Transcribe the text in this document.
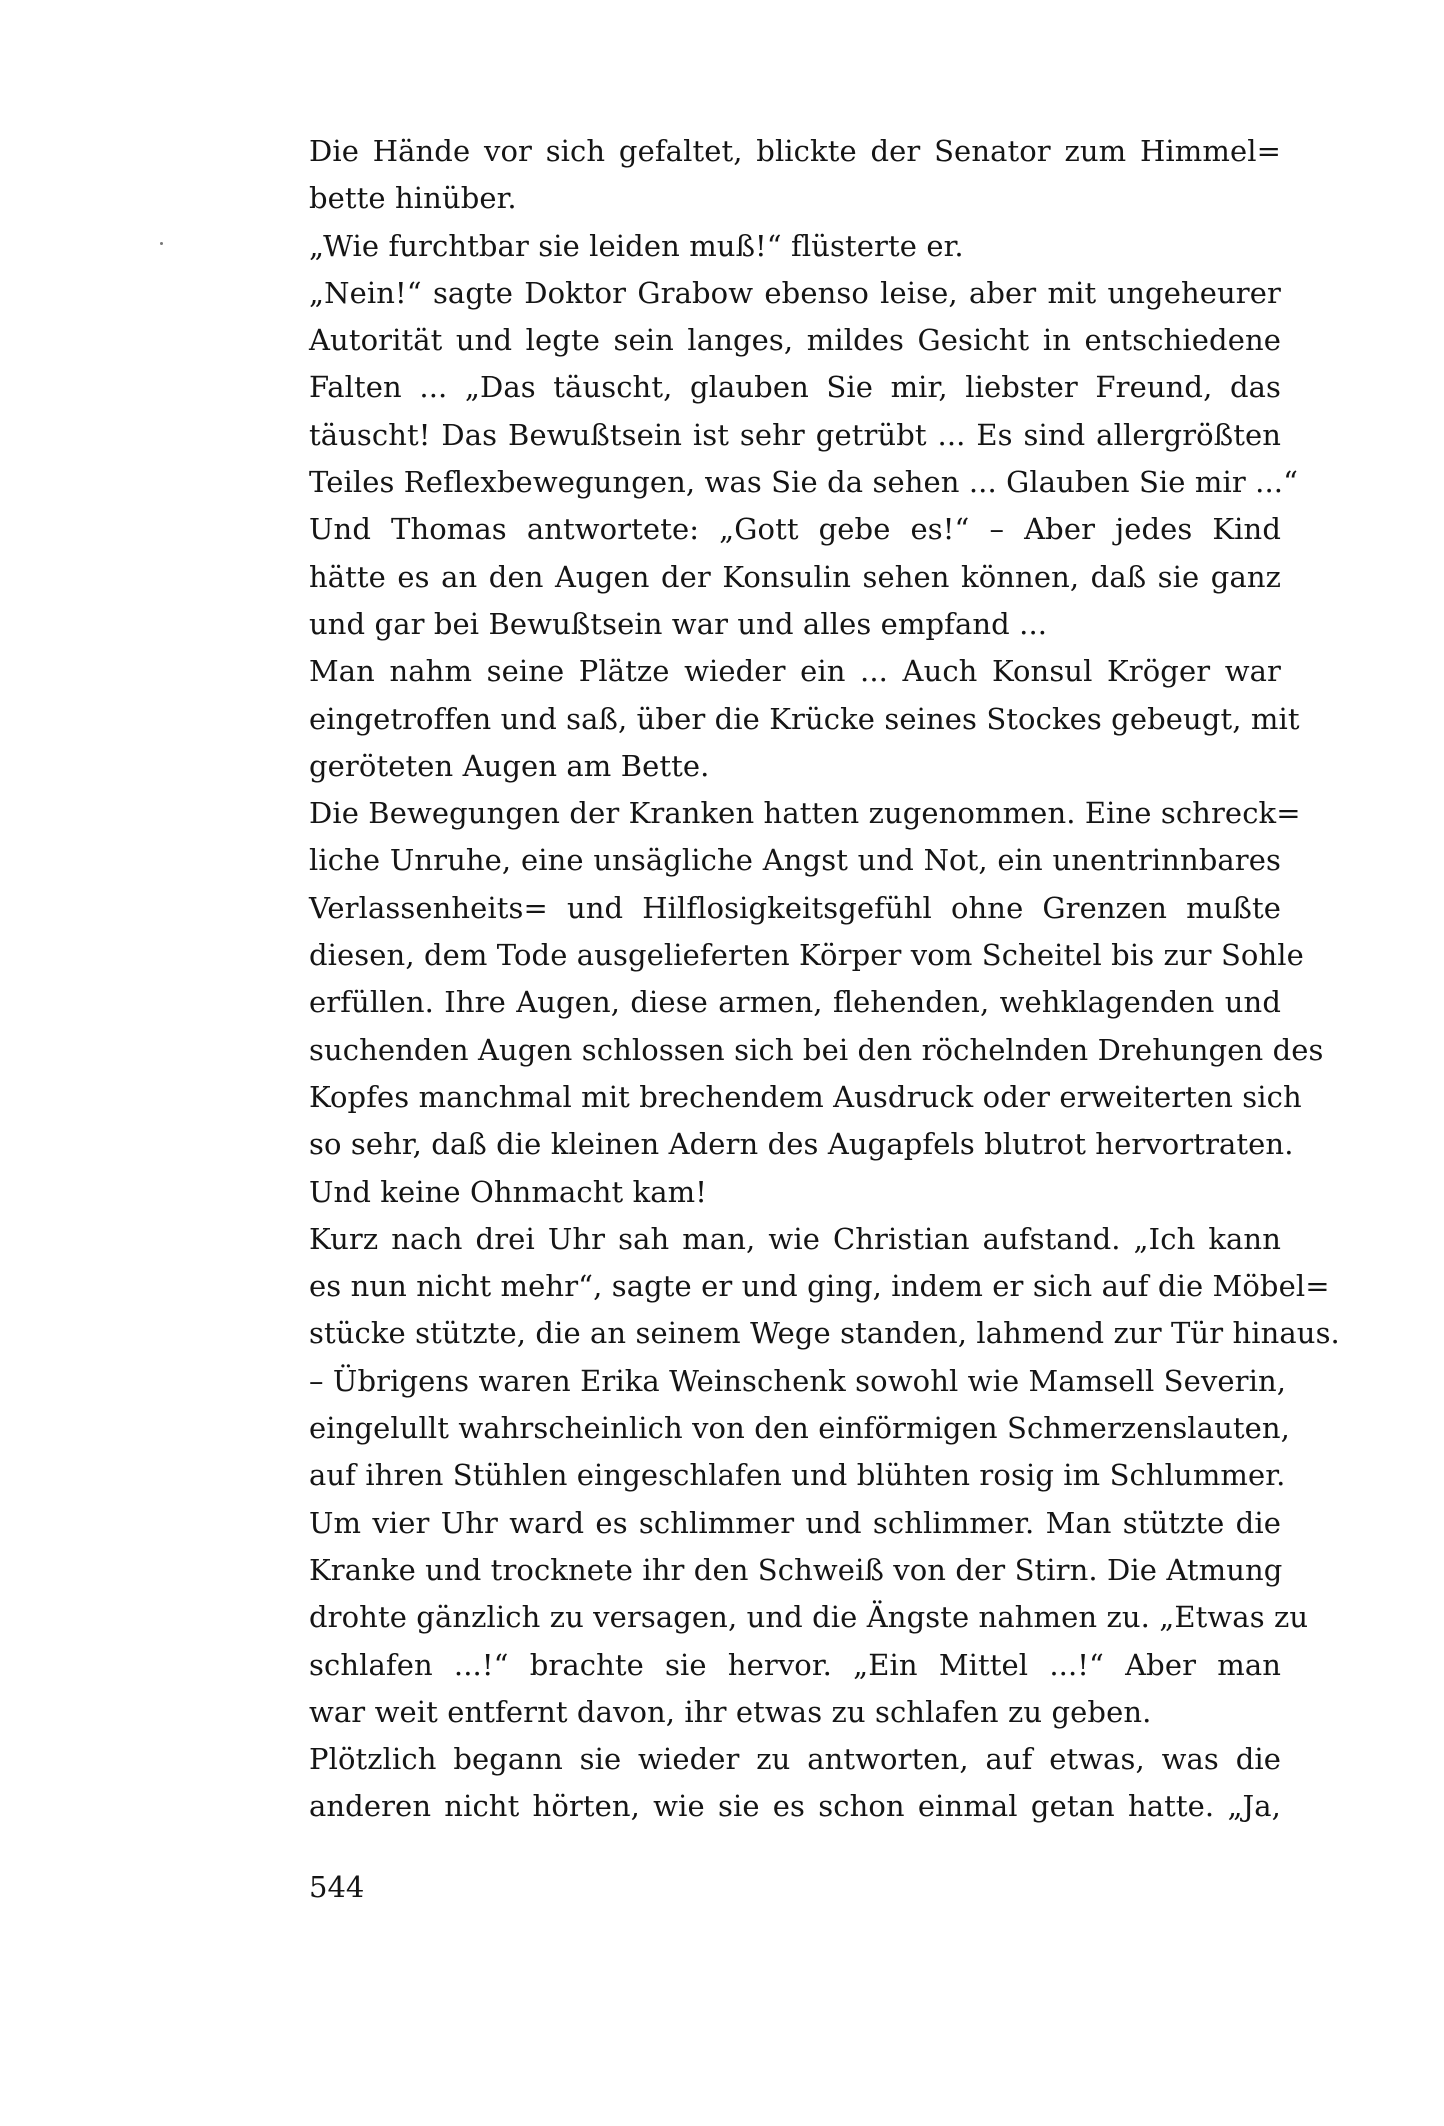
Die Hände vor sich gefaltet, blickte der Senator zum Himmel=
bette hinüber.
„Wie furchtbar sie leiden muß!“ flüsterte er.
„Nein!“ sagte Doktor Grabow ebenso leise, aber mit ungeheurer
Autorität und legte sein langes, mildes Gesicht in entschiedene
Falten ... „Das täuscht, glauben Sie mir, liebster Freund, das
täuscht! Das Bewußtsein ist sehr getrübt ... Es sind allergrößten
Teiles Reflexbewegungen, was Sie da sehen ... Glauben Sie mir ...“
Und Thomas antwortete: „Gott gebe es!“ – Aber jedes Kind
hätte es an den Augen der Konsulin sehen können, daß sie ganz
und gar bei Bewußtsein war und alles empfand ...
Man nahm seine Plätze wieder ein ... Auch Konsul Kröger war
eingetroffen und saß, über die Krücke seines Stockes gebeugt, mit
geröteten Augen am Bette.
Die Bewegungen der Kranken hatten zugenommen. Eine schreck=
liche Unruhe, eine unsägliche Angst und Not, ein unentrinnbares
Verlassenheits= und Hilflosigkeitsgefühl ohne Grenzen mußte
diesen, dem Tode ausgelieferten Körper vom Scheitel bis zur Sohle
erfüllen. Ihre Augen, diese armen, flehenden, wehklagenden und
suchenden Augen schlossen sich bei den röchelnden Drehungen des
Kopfes manchmal mit brechendem Ausdruck oder erweiterten sich
so sehr, daß die kleinen Adern des Augapfels blutrot hervortraten.
Und keine Ohnmacht kam!
Kurz nach drei Uhr sah man, wie Christian aufstand. „Ich kann
es nun nicht mehr“, sagte er und ging, indem er sich auf die Möbel=
stücke stützte, die an seinem Wege standen, lahmend zur Tür hinaus.
– Übrigens waren Erika Weinschenk sowohl wie Mamsell Severin,
eingelullt wahrscheinlich von den einförmigen Schmerzenslauten,
auf ihren Stühlen eingeschlafen und blühten rosig im Schlummer.
Um vier Uhr ward es schlimmer und schlimmer. Man stützte die
Kranke und trocknete ihr den Schweiß von der Stirn. Die Atmung
drohte gänzlich zu versagen, und die Ängste nahmen zu. „Etwas zu
schlafen ...!“ brachte sie hervor. „Ein Mittel ...!“ Aber man
war weit entfernt davon, ihr etwas zu schlafen zu geben.
Plötzlich begann sie wieder zu antworten, auf etwas, was die
anderen nicht hörten, wie sie es schon einmal getan hatte. „Ja,
544
